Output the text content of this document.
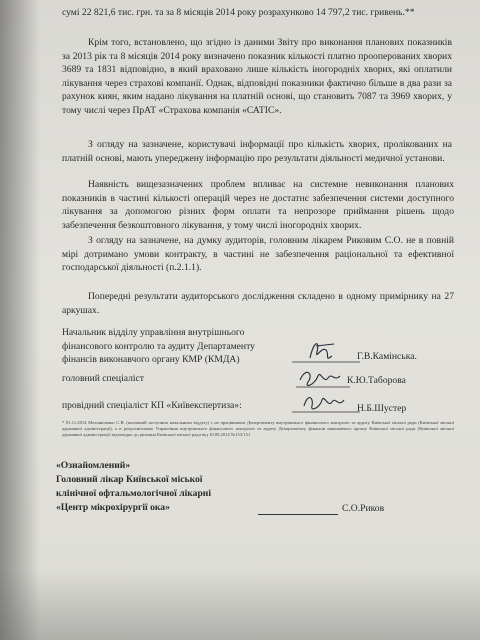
сумі 22 821,6 тис. грн. та за 8 місяців 2014 року розрахунково 14 797,2 тис. гривень.**
Крім того, встановлено, що згідно із даними Звіту про виконання планових показників за 2013 рік та 8 місяців 2014 року визначено показник кількості платно прооперованих хворих 3689 та 1831 відповідно, в який враховано лише кількість іногородніх хворих, які оплатили лікування через страхові компанії. Однак, відповідні показники фактично більше в два рази за рахунок киян, яким надано лікування на платній основі, що становить 7087 та 3969 хворих, у тому числі через ПрАТ «Страхова компанія «САТІС».
З огляду на зазначене, користувачі інформації про кількість хворих, пролікованих на платній основі, мають упереджену інформацію про результати діяльності медичної установи.
Наявність вищезазначених проблем впливає на системне невиконання планових показників в частині кількості операцій через не достатнє забезпечення системи доступного лікування за допомогою різних форм оплати та непрозоре приймання рішень щодо забезпечення безкоштовного лікування, у тому числі іногородніх хворих.
З огляду на зазначене, на думку аудиторів, головним лікарем Риковим С.О. не в повній мірі дотримано умови контракту, в частині не забезпечення раціональної та ефективної господарської діяльності (п.2.1.1).
Попередні результати аудиторського дослідження складено в одному примірнику на 27 аркушах.
Начальник відділу управління внутрішнього фінансового контролю та аудиту Департаменту фінансів виконавчого органу КМР (КМДА)	Г.В.Камінська.
головний спеціаліст	К.Ю.Таборова
провідний спеціаліст КП «Київекспертиза»:	Н.Б.Шустер
* 01.11.2014 Мельниченко С.В. (колишній заступник начальника відділу) є не працівником Департаменту внутрішнього фінансового контролю та аудиту Київської міської ради (Київської міської державної адміністрації), а в реорганізовано Управління внутрішнього фінансового контролю та аудиту Департаменту фінансів виконавчого органу Київської міської ради (Київської міської державної адміністрації) відповідно до рішення Київської міської ради від 10.09.2014 №153/151
«Ознайомлений»
Головний лікар Київської міської
клінічної офтальмологічної лікарні
«Центр мікрохірургії ока»	С.О.Риков
